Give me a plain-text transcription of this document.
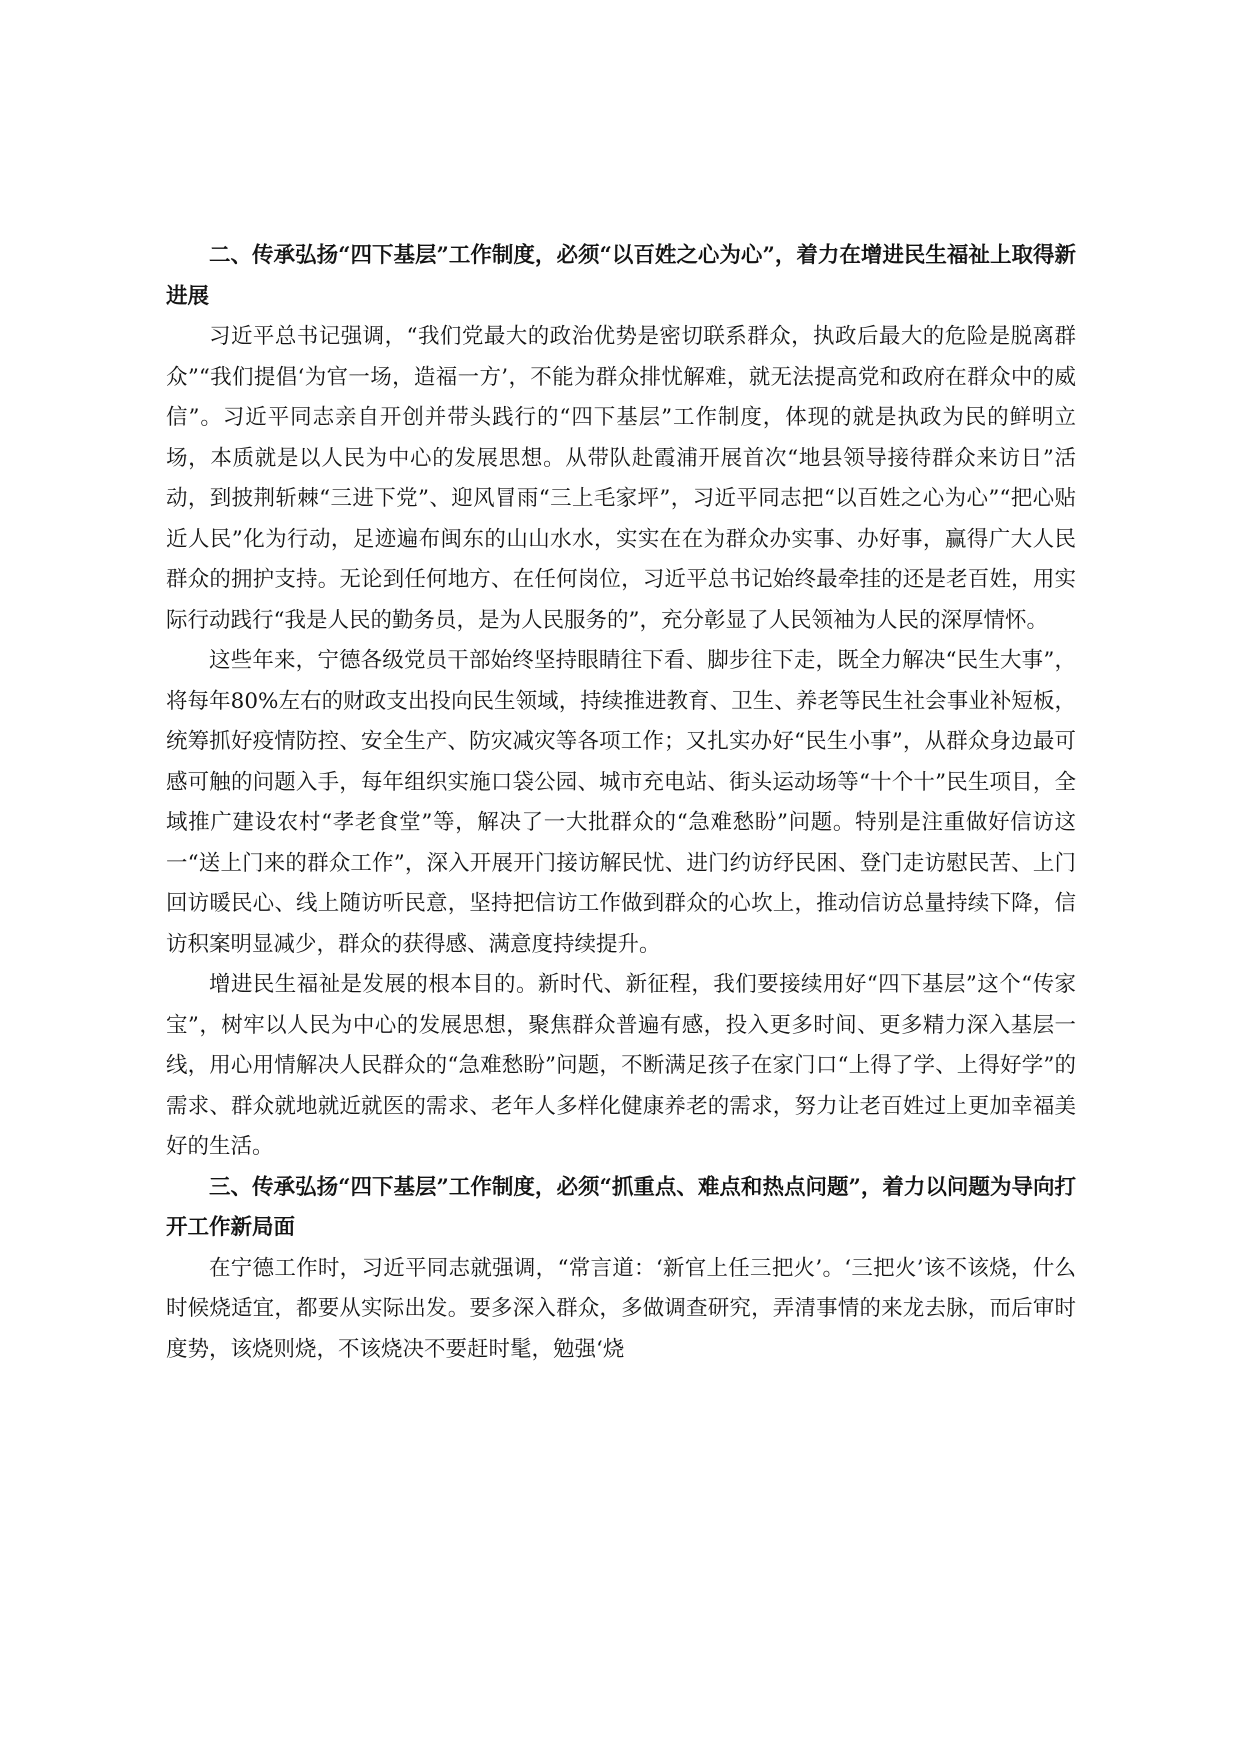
二、传承弘扬“四下基层”工作制度，必须“以百姓之心为心”，着力在增进民生福祉上取得新进展

习近平总书记强调，“我们党最大的政治优势是密切联系群众，执政后最大的危险是脱离群众”“我们提倡‘为官一场，造福一方’，不能为群众排忧解难，就无法提高党和政府在群众中的威信”。习近平同志亲自开创并带头践行的“四下基层”工作制度，体现的就是执政为民的鲜明立场，本质就是以人民为中心的发展思想。从带队赴霞浦开展首次“地县领导接待群众来访日”活动，到披荆斩棘“三进下党”、迎风冒雨“三上毛家坪”，习近平同志把“以百姓之心为心”“把心贴近人民”化为行动，足迹遍布闽东的山山水水，实实在在为群众办实事、办好事，赢得广大人民群众的拥护支持。无论到任何地方、在任何岗位，习近平总书记始终最牵挂的还是老百姓，用实际行动践行“我是人民的勤务员，是为人民服务的”，充分彰显了人民领袖为人民的深厚情怀。

这些年来，宁德各级党员干部始终坚持眼睛往下看、脚步往下走，既全力解决“民生大事”，将每年80%左右的财政支出投向民生领域，持续推进教育、卫生、养老等民生社会事业补短板，统筹抓好疫情防控、安全生产、防灾减灾等各项工作；又扎实办好“民生小事”，从群众身边最可感可触的问题入手，每年组织实施口袋公园、城市充电站、街头运动场等“十个十”民生项目，全域推广建设农村“孝老食堂”等，解决了一大批群众的“急难愁盼”问题。特别是注重做好信访这一“送上门来的群众工作”，深入开展开门接访解民忧、进门约访纾民困、登门走访慰民苦、上门回访暖民心、线上随访听民意，坚持把信访工作做到群众的心坎上，推动信访总量持续下降，信访积案明显减少，群众的获得感、满意度持续提升。

增进民生福祉是发展的根本目的。新时代、新征程，我们要接续用好“四下基层”这个“传家宝”，树牢以人民为中心的发展思想，聚焦群众普遍有感，投入更多时间、更多精力深入基层一线，用心用情解决人民群众的“急难愁盼”问题，不断满足孩子在家门口“上得了学、上得好学”的需求、群众就地就近就医的需求、老年人多样化健康养老的需求，努力让老百姓过上更加幸福美好的生活。

三、传承弘扬“四下基层”工作制度，必须“抓重点、难点和热点问题”，着力以问题为导向打开工作新局面

在宁德工作时，习近平同志就强调，“常言道：‘新官上任三把火’。‘三把火’该不该烧，什么时候烧适宜，都要从实际出发。要多深入群众，多做调查研究，弄清事情的来龙去脉，而后审时度势，该烧则烧，不该烧决不要赶时髦，勉强‘烧
